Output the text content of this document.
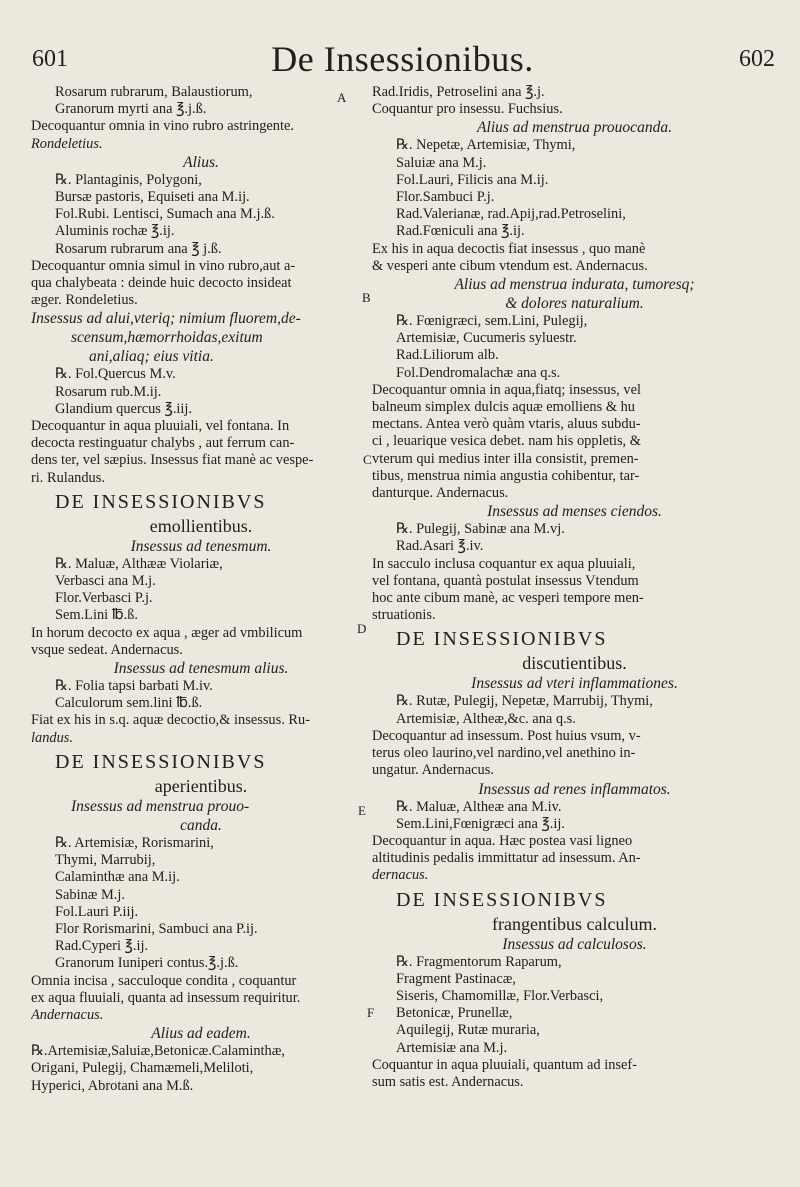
601	De Insessionibus.	602
A
B
C
D
E
F
Rosarum rubrarum, Balaustiorum,
Granorum myrti ana ℥.j.ß.
Decoquantur omnia in vino rubro astringente.
Rondeletius.
Alius.
℞. Plantaginis, Polygoni,
Bursæ pastoris, Equiseti ana M.ij.
Fol.Rubi. Lentisci, Sumach ana M.j.ß.
Aluminis rochæ ℥.ij.
Rosarum rubrarum ana ℥ j.ß.
Decoquantur omnia simul in vino rubro,aut a-
qua chalybeata : deinde huic decocto insideat
æger. Rondeletius.
Insessus ad alui,vteriq; nimium fluorem,de-
scensum,hæmorrhoidas,exitum
ani,aliaq; eius vitia.
℞. Fol.Quercus M.v.
Rosarum rub.M.ij.
Glandium quercus ℥.iij.
Decoquantur in aqua pluuiali, vel fontana. In
decocta restinguatur chalybs , aut ferrum can-
dens ter, vel sæpius. Insessus fiat manè ac vespe-
ri. Rulandus.
DE INSESSIONIBVS
emollientibus.
Insessus ad tenesmum.
℞. Maluæ, Althææ Violariæ,
Verbasci ana M.j.
Flor.Verbasci P.j.
Sem.Lini ℔.ß.
In horum decocto ex aqua , æger ad vmbilicum
vsque sedeat. Andernacus.
Insessus ad tenesmum alius.
℞. Folia tapsi barbati M.iv.
Calculorum sem.lini ℔.ß.
Fiat ex his in s.q. aquæ decoctio,& insessus. Ru-
landus.
DE INSESSIONIBVS
aperientibus.
Insessus ad menstrua prouo-
canda.
℞. Artemisiæ, Rorismarini,
Thymi, Marrubij,
Calaminthæ ana M.ij.
Sabinæ M.j.
Fol.Lauri P.iij.
Flor Rorismarini, Sambuci ana P.ij.
Rad.Cyperi ℥.ij.
Granorum Iuniperi contus.℥.j.ß.
Omnia incisa , sacculoque condita , coquantur
ex aqua fluuiali, quanta ad insessum requiritur.
Andernacus.
Alius ad eadem.
℞.Artemisiæ,Saluiæ,Betonicæ.Calaminthæ,
Origani, Pulegij, Chamæmeli,Meliloti,
Hyperici, Abrotani ana M.ß.
Rad.Iridis, Petroselini ana ℥.j.
Coquantur pro insessu. Fuchsius.
Alius ad menstrua prouocanda.
℞. Nepetæ, Artemisiæ, Thymi,
Saluiæ ana M.j.
Fol.Lauri, Filicis ana M.ij.
Flor.Sambuci P.j.
Rad.Valerianæ, rad.Apij,rad.Petroselini,
Rad.Fœniculi ana ℥.ij.
Ex his in aqua decoctis fiat insessus , quo manè
& vesperi ante cibum vtendum est. Andernacus.
Alius ad menstrua indurata, tumoresq;
& dolores naturalium.
℞. Fœnigræci, sem.Lini, Pulegij,
Artemisiæ, Cucumeris syluestr.
Rad.Liliorum alb.
Fol.Dendromalachæ ana q.s.
Decoquantur omnia in aqua,fiatq; insessus, vel
balneum simplex dulcis aquæ emolliens & hu
mectans. Antea verò quàm vtaris, aluus subdu-
ci , leuarique vesica debet. nam his oppletis, &
vterum qui medius inter illa consistit, premen-
tibus, menstrua nimia angustia cohibentur, tar-
danturque. Andernacus.
Insessus ad menses ciendos.
℞. Pulegij, Sabinæ ana M.vj.
Rad.Asari ℥.iv.
In sacculo inclusa coquantur ex aqua pluuiali,
vel fontana, quantà postulat insessus Vtendum
hoc ante cibum manè, ac vesperi tempore men-
struationis.
DE INSESSIONIBVS
discutientibus.
Insessus ad vteri inflammationes.
℞. Rutæ, Pulegij, Nepetæ, Marrubij, Thymi,
Artemisiæ, Altheæ,&c. ana q.s.
Decoquantur ad insessum. Post huius vsum, v-
terus oleo laurino,vel nardino,vel anethino in-
ungatur. Andernacus.
Insessus ad renes inflammatos.
℞. Maluæ, Altheæ ana M.iv.
Sem.Lini,Fœnigræci ana ℥.ij.
Decoquantur in aqua. Hæc postea vasi ligneo
altitudinis pedalis immittatur ad insessum. An-
dernacus.
DE INSESSIONIBVS
frangentibus calculum.
Insessus ad calculosos.
℞. Fragmentorum Raparum,
Fragment Pastinacæ,
Siseris, Chamomillæ, Flor.Verbasci,
Betonicæ, Prunellæ,
Aquilegij, Rutæ muraria,
Artemisiæ ana M.j.
Coquantur in aqua pluuiali, quantum ad insef-
sum satis est. Andernacus.
